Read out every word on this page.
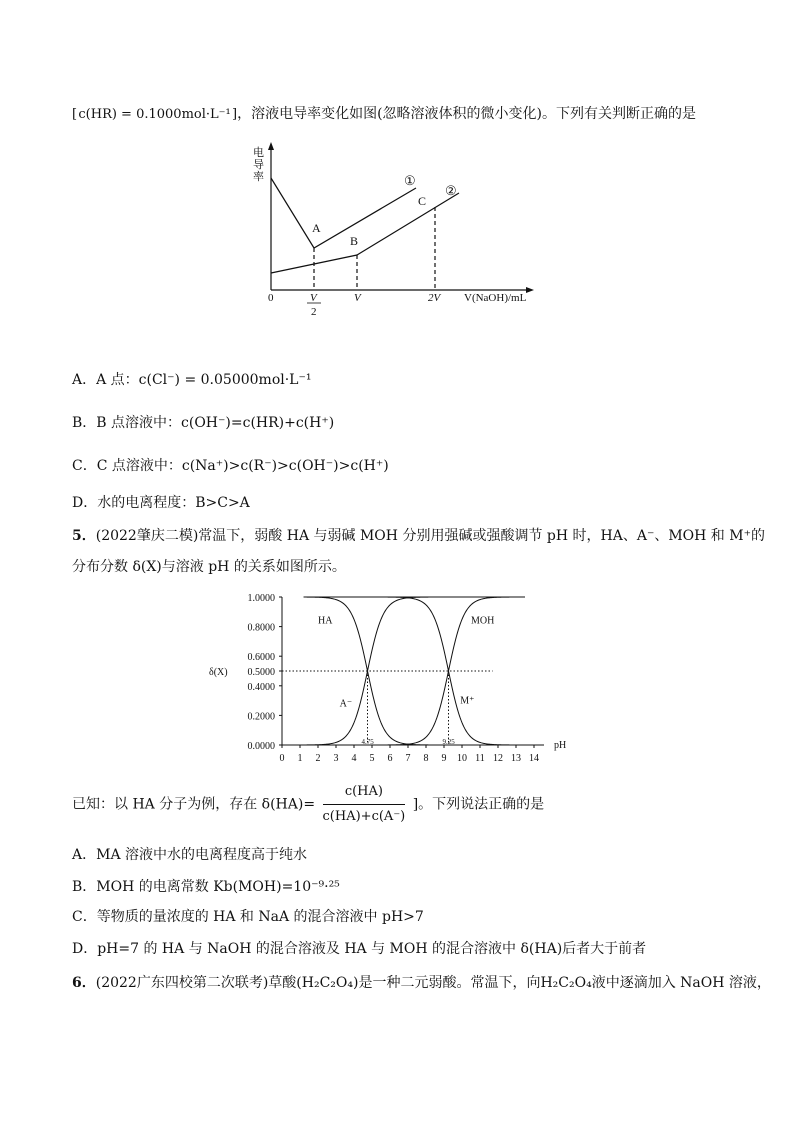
[ c(HR) = 0.1000mol·L⁻¹ ]，溶液电导率变化如图(忽略溶液体积的微小变化)。下列有关判断正确的是
电
导
率
A
B
C
①
②
0	V
2
V	2V V(NaOH)/mL
A．A 点：c(Cl⁻) = 0.05000mol·L⁻¹
B．B 点溶液中：c(OH⁻)=c(HR)+c(H⁺)
C．C 点溶液中：c(Na⁺)>c(R⁻)>c(OH⁻)>c(H⁺)
D．水的电离程度：B>C>A
5．(2022肇庆二模)常温下，弱酸 HA 与弱碱 MOH 分别用强碱或强酸调节 pH 时，HA、A⁻、MOH 和 M⁺的
分布分数 δ(X)与溶液 pH 的关系如图所示。
0.0000
0.2000
0.4000
0.5000
0.6000
0.8000
1.0000
δ(X)
0 1 2 3 4 5 6 7 8 9 10 11 12 13 14
pH
4.75	9.25
HA
A⁻
MOH
M⁺
已知：以 HA 分子为例，存在 $\delta(HA)= \frac{c(HA)}{c(HA)+c(A^-)}$ ]。下列说法正确的是
A．MA 溶液中水的电离程度高于纯水
B．MOH 的电离常数 Kb(MOH)=10⁻⁹·²⁵
C．等物质的量浓度的 HA 和 NaA 的混合溶液中 pH>7
D．pH=7 的 HA 与 NaOH 的混合溶液及 HA 与 MOH 的混合溶液中 δ(HA)后者大于前者
6．(2022广东四校第二次联考)草酸(H₂C₂O₄)是一种二元弱酸。常温下，向H₂C₂O₄液中逐滴加入 NaOH 溶液，
